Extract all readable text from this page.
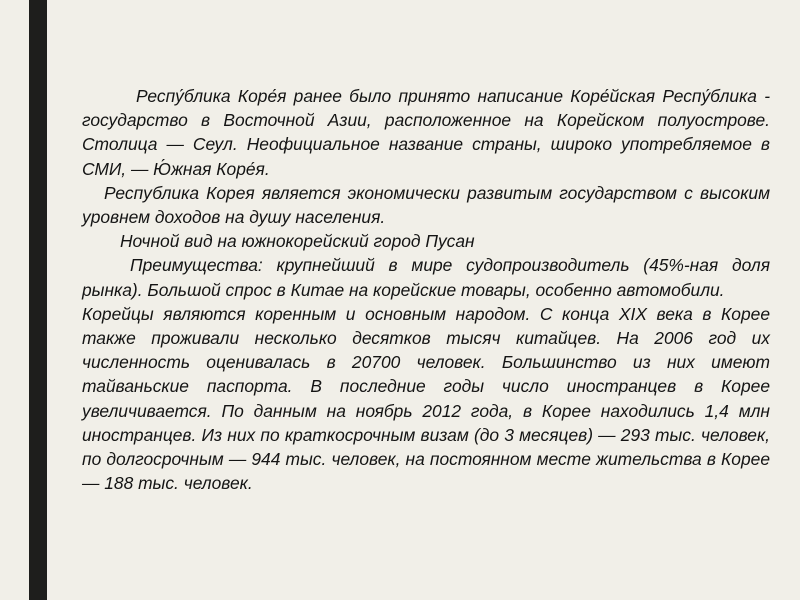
Респу́блика Коре́я ранее было принято написание Коре́йская Респу́блика - государство в Восточной Азии, расположенное на Корейском полуострове. Столица — Сеул. Неофициальное название страны, широко употребляемое в СМИ, — Ю́жная Коре́я.

Республика Корея является экономически развитым государством с высоким уровнем доходов на душу населения.

Ночной вид на южнокорейский город Пусан

Преимущества: крупнейший в мире судопроизводитель (45%-ная доля рынка). Большой спрос в Китае на корейские товары, особенно автомобили.

Корейцы являются коренным и основным народом. С конца XIX века в Корее также проживали несколько десятков тысяч китайцев. На 2006 год их численность оценивалась в 20700 человек. Большинство из них имеют тайваньские паспорта. В последние годы число иностранцев в Корее увеличивается. По данным на ноябрь 2012 года, в Корее находились 1,4 млн иностранцев. Из них по краткосрочным визам (до 3 месяцев) — 293 тыс. человек, по долгосрочным — 944 тыс. человек, на постоянном месте жительства в Корее — 188 тыс. человек.
